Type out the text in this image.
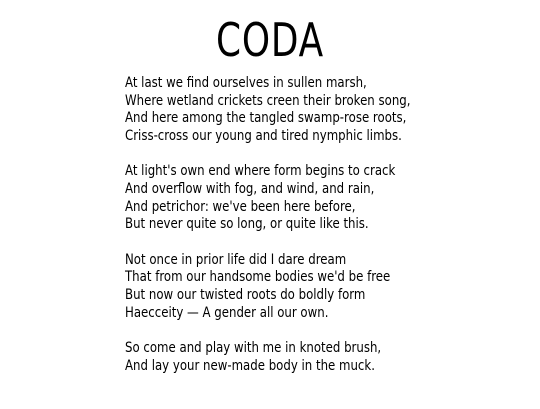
CODA
At last we find ourselves in sullen marsh,
Where wetland crickets creen their broken song,
And here among the tangled swamp-rose roots,
Criss-cross our young and tired nymphic limbs.
At light's own end where form begins to crack
And overflow with fog, and wind, and rain,
And petrichor: we've been here before,
But never quite so long, or quite like this.
Not once in prior life did I dare dream
That from our handsome bodies we'd be free
But now our twisted roots do boldly form
Haecceity — A gender all our own.
So come and play with me in knoted brush,
And lay your new-made body in the muck.
